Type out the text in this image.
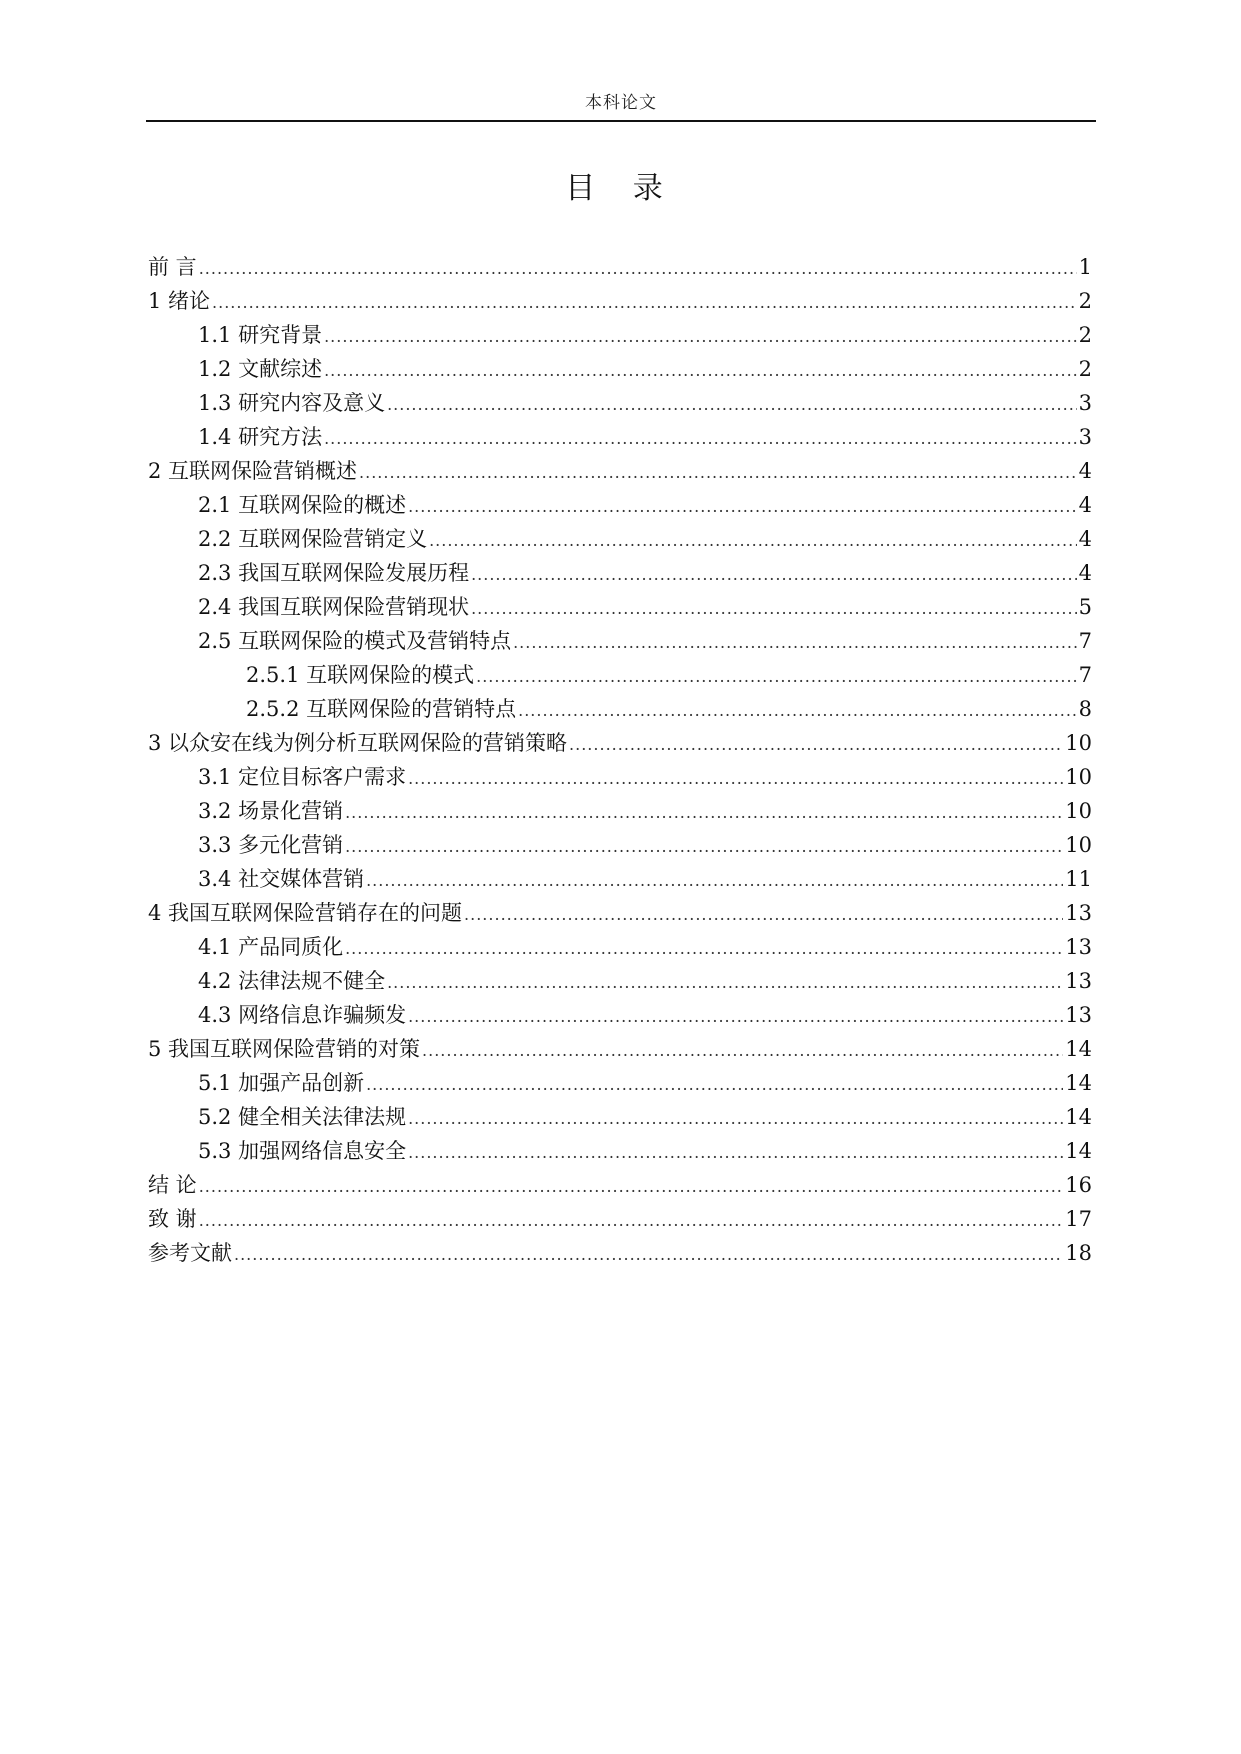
本科论文
目 录
前 言 .....	1
1 绪论 .....	2
1.1 研究背景 .....	2
1.2 文献综述 .....	2
1.3 研究内容及意义 .....	3
1.4 研究方法 .....	3
2 互联网保险营销概述 .....	4
2.1 互联网保险的概述 .....	4
2.2 互联网保险营销定义 .....	4
2.3 我国互联网保险发展历程 .....	4
2.4 我国互联网保险营销现状 .....	5
2.5 互联网保险的模式及营销特点 .....	7
2.5.1 互联网保险的模式 .....	7
2.5.2 互联网保险的营销特点 .....	8
3 以众安在线为例分析互联网保险的营销策略 .....	10
3.1 定位目标客户需求 .....	10
3.2 场景化营销 .....	10
3.3 多元化营销 .....	10
3.4 社交媒体营销 .....	11
4 我国互联网保险营销存在的问题 .....	13
4.1 产品同质化 .....	13
4.2 法律法规不健全 .....	13
4.3 网络信息诈骗频发 .....	13
5 我国互联网保险营销的对策 .....	14
5.1 加强产品创新 .....	14
5.2 健全相关法律法规 .....	14
5.3 加强网络信息安全 .....	14
结 论 .....	16
致 谢 .....	17
参考文献 .....	18
